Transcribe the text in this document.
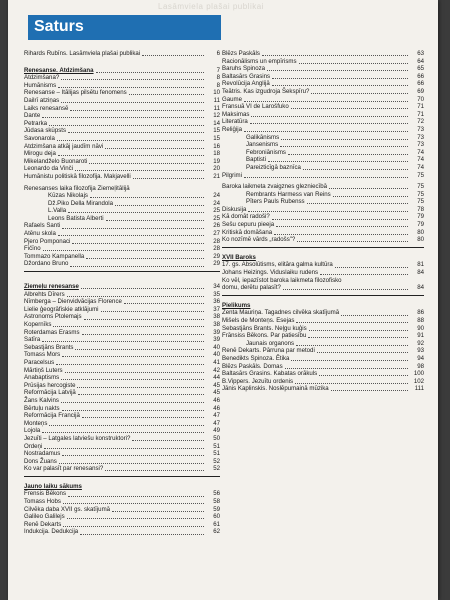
Lasāmviela plašai publikai
Saturs
Rihards Rubīns. Lasāmviela plašai publikai	6
Renesanse. Atdzimšana	7
Atdzimšana?	8
Humānisms	8
Renesanse – Itālijas pilsētu fenomens	10
Dailrī atziņas	11
Laiks renesansē	11
Dante	12
Petrarka	14
Jūdasa skūpsts	15
Savonarola	15
Atdzimšana atkāj jaudīm nāvi	16
Mirogu deja	18
Mikelandželo Buonaroti	19
Leonardo da Vinči	20
Humānistu politiskā filozofija. Makjavelli	21
Renesanses laika filozofija Ziemeļitālijā
Kūzas Nikolajs	24
Dž.Piko Della Mirandola	24
L.Valla	25
Leons Batista Alberti	25
Rafaels Santi	26
Atēnu skola	27
Pjero Pomponaci	28
Fičīno	28
Tommazo Kampanella	29
Džordano Bruno	29
Ziemeļu renesanse	34
Albrehts Dīrers	35
Nīmberga – Dienvidvācijas Florence	36
Lielie ģeogrāfiskie atklājumi	37
Astronoms Ptolemajs	38
Kopernīks	38
Roterdamas Erasms	39
Satīra	39
Sebastjāns Brants	40
Tomass Mors	40
Paracelsus	41
Mārtiņš Luters	42
Anabaptisms	44
Prūsijas hercogiste	45
Reformācija Latvijā	45
Žans Kalvins	46
Bērtuļu nakts	46
Reformācija Francijā	47
Monteņs	47
Lojola	49
Jezuīti – Latgales latviešu konstruktori?	50
Ordeņi	51
Nostradamus	51
Dons Žuans	52
Ko var palasīt par renesansi?	52
Jauno laiku sākums
Frensis Bēkons	56
Tomass Hobs	58
Cilvēka daba XVII gs. skatījumā	59
Galileo Galilejs	60
Renē Dekarts	61
Indukcija. Dedukcija	62
Blēzs Paskāls	63
Racionālisms un empīrisms	64
Baruhs Spinoza	65
Baltasārs Grasins	66
Revolūcija Anglijā	66
Teātris. Kas izgudroja Šekspīru?	69
Gaume	70
Fransuā VI de Larošfuko	71
Maksimas	71
Literatūra	72
Reliģija	73
Galikānisms	73
Jansenisms	73
Febroniānisms	74
Baptisti	74
Pareizticīgā baznīca	74
Pilgrimi	75
Baroka laikmeta zvaigznes glezniecībā	75
Rembrants Harmess van Reins	75
Pīters Pauls Rubenss	75
Diskusija	78
Kā domāt radoši?	79
Sešu cepuru pieeja	79
Kritiskā domāšana	80
Ko nozīmē vārds „radošs"?	80
XVII Baroks
17. gs. Absolūtisms, elitāra galma kultūra	81
Johans Heizings. Viduslaiku rudens	84
Ko vēl, iepazīstot baroka laikmeta filozofisko
domu, derētu palasīt?	84
Pielikums
Zenta Mauriņa. Tagadnes cilvēka skatījumā	86
Mišels de Monteņs. Esejas	88
Sebastjāns Brants. Neļgu kuģis	90
Frānsiss Bēkons. Par patiesību	91
Jaunais organons	92
Renē Dekarts. Pārruna par metodi	93
Benedikts Spinoza. Ētika	94
Blēzs Paskāls. Domas	98
Baltasārs Grasins. Kabatas orākuls	100
B.Vippers. Jezuītu ordenis	102
Jānis Kaplinskis. Noslēpumainā mūzika	111
